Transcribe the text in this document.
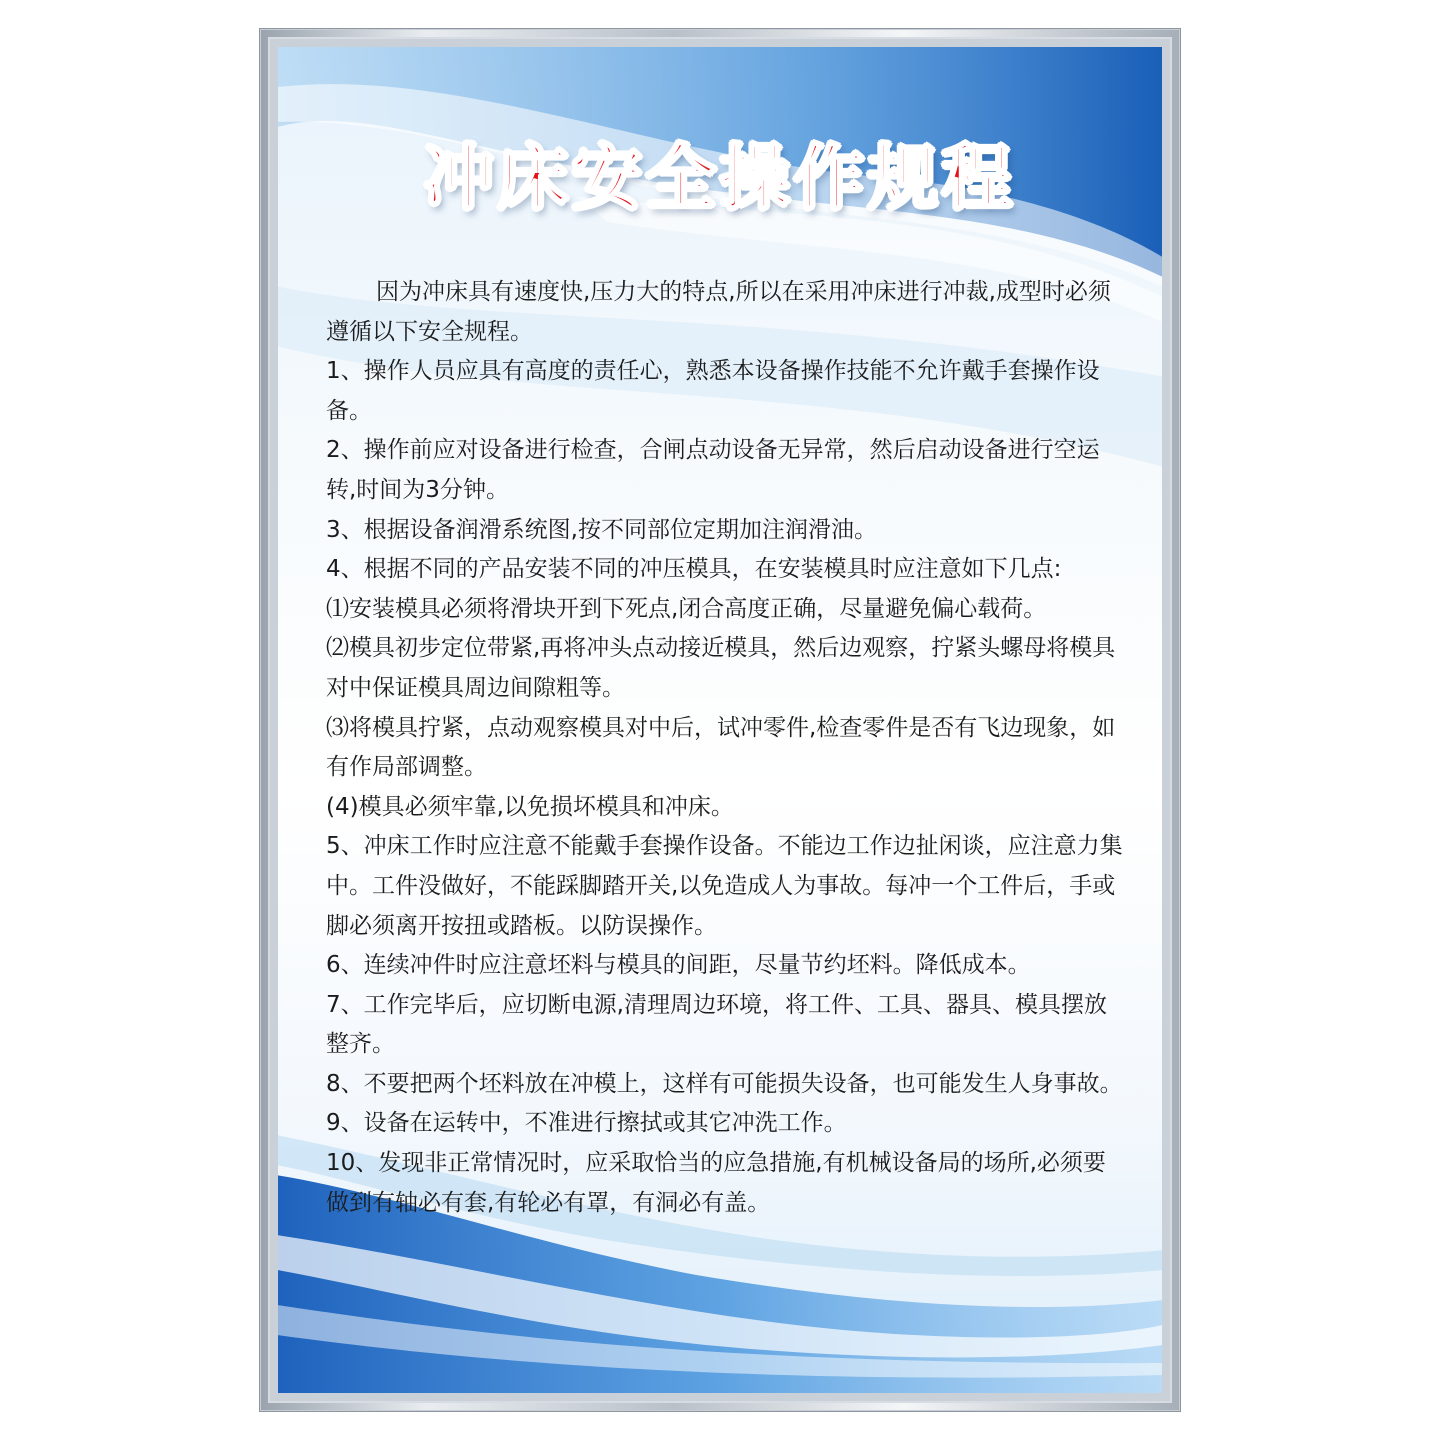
冲床安全操作规程

因为冲床具有速度快,压力大的特点,所以在采用冲床进行冲裁,成型时必须遵循以下安全规程。

1、操作人员应具有高度的责任心，熟悉本设备操作技能不允许戴手套操作设备。

2、操作前应对设备进行检查，合闸点动设备无异常，然后启动设备进行空运转,时间为3分钟。

3、根据设备润滑系统图,按不同部位定期加注润滑油。

4、根据不同的产品安装不同的冲压模具，在安装模具时应注意如下几点:

⑴安装模具必须将滑块开到下死点,闭合高度正确，尽量避免偏心载荷。

⑵模具初步定位带紧,再将冲头点动接近模具，然后边观察，拧紧头螺母将模具对中保证模具周边间隙粗等。

⑶将模具拧紧，点动观察模具对中后，试冲零件,检查零件是否有飞边现象，如有作局部调整。

(4)模具必须牢靠,以免损坏模具和冲床。

5、冲床工作时应注意不能戴手套操作设备。不能边工作边扯闲谈，应注意力集中。工件没做好，不能踩脚踏开关,以免造成人为事故。每冲一个工件后，手或脚必须离开按扭或踏板。以防误操作。

6、连续冲件时应注意坯料与模具的间距，尽量节约坯料。降低成本。

7、工作完毕后，应切断电源,清理周边环境，将工件、工具、器具、模具摆放整齐。

8、不要把两个坯料放在冲模上，这样有可能损失设备，也可能发生人身事故。

9、设备在运转中，不准进行擦拭或其它冲洗工作。

10、发现非正常情况时，应采取恰当的应急措施,有机械设备局的场所,必须要做到有轴必有套,有轮必有罩，有洞必有盖。
